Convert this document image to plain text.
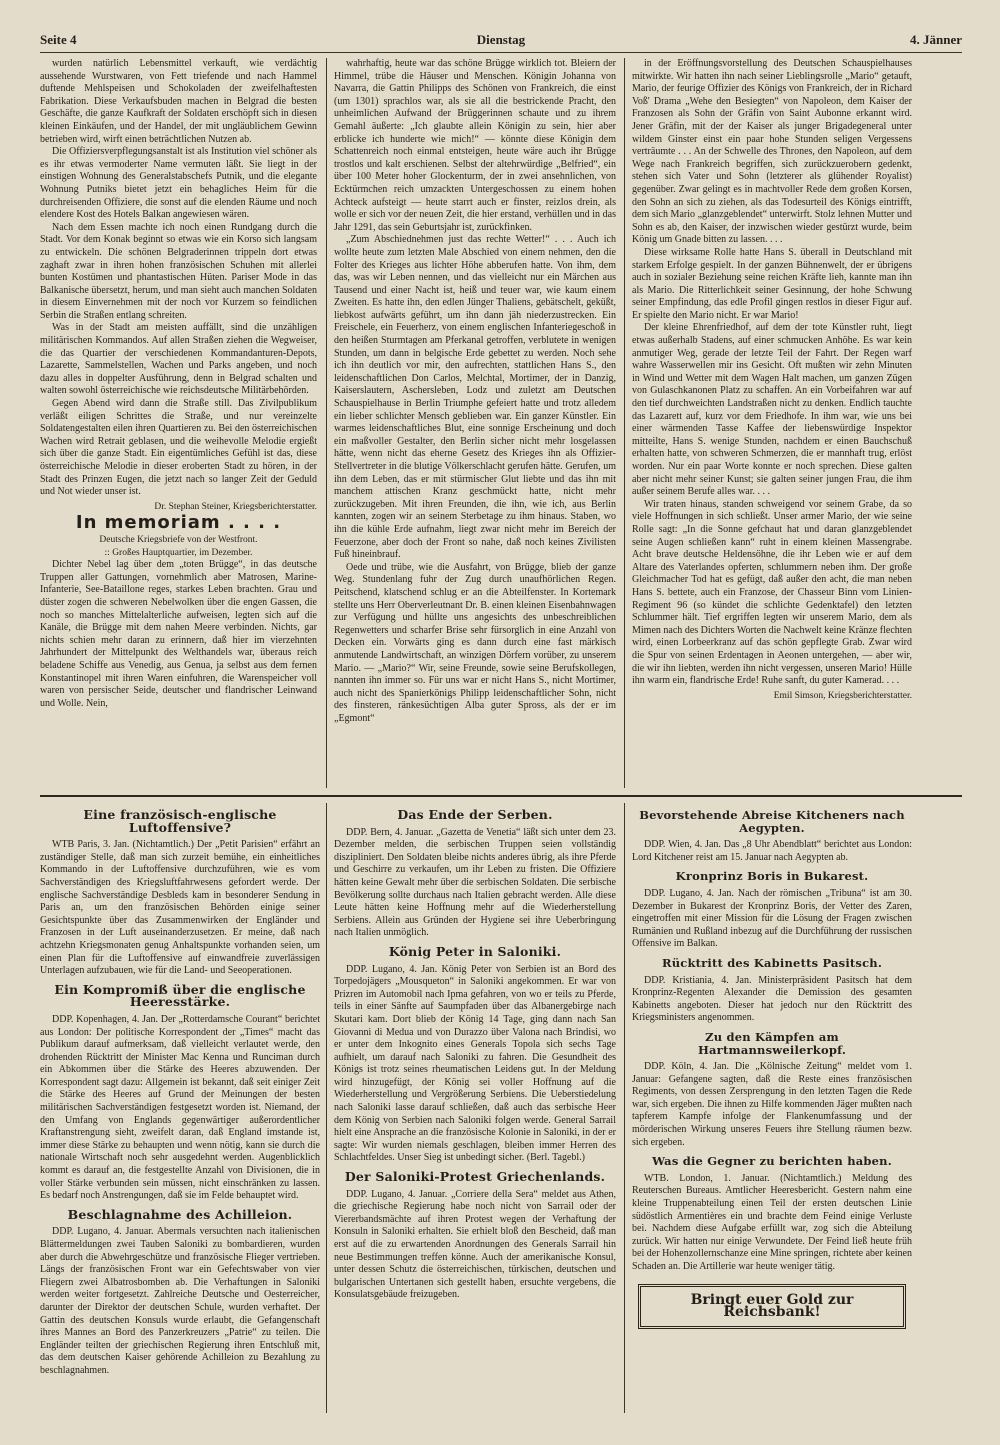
Seite 4	Dienstag	4. Jänner

wurden natürlich Lebensmittel verkauft, wie verdächtig aussehende Wurstwaren, von Fett triefende und nach Hammel duftende Mehlspeisen und Schokoladen der zweifelhaftesten Fabrikation. Diese Verkaufsbuden machen in Belgrad die besten Geschäfte, die ganze Kaufkraft der Soldaten erschöpft sich in diesen kleinen Einkäufen, und der Handel, der mit ungläublichem Gewinn betrieben wird, wirft einen beträchtlichen Nutzen ab.

Die Offiziersverpflegungsanstalt ist als Institution viel schöner als es ihr etwas vermoderter Name vermuten läßt. Sie liegt in der einstigen Wohnung des Generalstabschefs Putnik, und die elegante Wohnung Putniks bietet jetzt ein behagliches Heim für die durchreisenden Offiziere, die sonst auf die elenden Räume und noch elendere Kost des Hotels Balkan angewiesen wären.

Nach dem Essen machte ich noch einen Rundgang durch die Stadt. Vor dem Konak beginnt so etwas wie ein Korso sich langsam zu entwickeln. Die schönen Belgraderinnen trippeln dort etwas zaghaft zwar in ihren hohen französischen Schuhen mit allerlei bunten Kostümen und phantastischen Hüten. Pariser Mode in das Balkanische übersetzt, herum, und man sieht auch manchen Soldaten in diesem Einvernehmen mit der noch vor Kurzem so feindlichen Serbin die Straßen entlang schreiten.

Was in der Stadt am meisten auffällt, sind die unzähligen militärischen Kommandos. Auf allen Straßen ziehen die Wegweiser, die das Quartier der verschiedenen Kommandanturen-Depots, Lazarette, Sammelstellen, Wachen und Parks angeben, und noch dazu alles in doppelter Ausführung, denn in Belgrad schalten und walten sowohl österreichische wie reichsdeutsche Militärbehörden.

Gegen Abend wird dann die Straße still. Das Zivilpublikum verläßt eiligen Schrittes die Straße, und nur vereinzelte Soldatengestalten eilen ihren Quartieren zu. Bei den österreichischen Wachen wird Retrait geblasen, und die weihevolle Melodie ergießt sich über die ganze Stadt. Ein eigentümliches Gefühl ist das, diese österreichische Melodie in dieser eroberten Stadt zu hören, in der Stadt des Prinzen Eugen, die jetzt nach so langer Zeit der Geduld und Not wieder unser ist.

Dr. Stephan Steiner, Kriegsberichterstatter.

In memoriam . . . .

Deutsche Kriegsbriefe von der Westfront.

:: Großes Hauptquartier, im Dezember.

Dichter Nebel lag über dem „toten Brügge“, in das deutsche Truppen aller Gattungen, vornehmlich aber Matrosen, Marine-Infanterie, See-Bataillone reges, starkes Leben brachten. Grau und düster zogen die schweren Nebelwolken über die engen Gassen, die noch so manches Mittelalterliche aufweisen, legten sich auf die Kanäle, die Brügge mit dem nahen Meere verbinden. Nichts, gar nichts schien mehr daran zu erinnern, daß hier im vierzehnten Jahrhundert der Mittelpunkt des Welthandels war, überaus reich beladene Schiffe aus Venedig, aus Genua, ja selbst aus dem fernen Konstantinopel mit ihren Waren einfuhren, die Warenspeicher voll waren von persischer Seide, deutscher und flandrischer Leinwand und Wolle. Nein,

wahrhaftig, heute war das schöne Brügge wirklich tot. Bleiern der Himmel, trübe die Häuser und Menschen. Königin Johanna von Navarra, die Gattin Philipps des Schönen von Frankreich, die einst (um 1301) sprachlos war, als sie all die bestrickende Pracht, den unheimlichen Aufwand der Brüggerinnen schaute und zu ihrem Gemahl äußerte: „Ich glaubte allein Königin zu sein, hier aber erblicke ich hunderte wie mich!“ — könnte diese Königin dem Schattenreich noch einmal entsteigen, heute wäre auch ihr Brügge trostlos und kalt erschienen. Selbst der altehrwürdige „Belfried“, ein über 100 Meter hoher Glockenturm, der in zwei ansehnlichen, von Ecktürmchen reich umzackten Untergeschossen zu einem hohen Achteck aufsteigt — heute starrt auch er finster, reizlos drein, als wolle er sich vor der neuen Zeit, die hier erstand, verhüllen und in das Jahr 1291, das sein Geburtsjahr ist, zurückfinken.

„Zum Abschiednehmen just das rechte Wetter!“ . . . Auch ich wollte heute zum letzten Male Abschied von einem nehmen, den die Folter des Krieges aus lichter Höhe abberufen hatte. Von ihm, dem das, was wir Leben nennen, und das vielleicht nur ein Märchen aus Tausend und einer Nacht ist, heiß und teuer war, wie kaum einem Zweiten. Es hatte ihn, den edlen Jünger Thaliens, gebätschelt, geküßt, liebkost aufwärts geführt, um ihn dann jäh niederzustrecken. Ein Freischele, ein Feuerherz, von einem englischen Infanteriegeschoß in den heißen Sturmtagen am Pferkanal getroffen, verblutete in wenigen Stunden, um dann in belgische Erde gebettet zu werden. Noch sehe ich ihn deutlich vor mir, den aufrechten, stattlichen Hans S., den leidenschaftlichen Don Carlos, Melchtal, Mortimer, der in Danzig, Kaiserslautern, Aschersleben, Lodz und zuletzt am Deutschen Schauspielhause in Berlin Triumphe gefeiert hatte und trotz alledem ein lieber schlichter Mensch geblieben war. Ein ganzer Künstler. Ein warmes leidenschaftliches Blut, eine sonnige Erscheinung und doch ein maßvoller Gestalter, den Berlin sicher nicht mehr losgelassen hätte, wenn nicht das eherne Gesetz des Krieges ihn als Offizier-Stellvertreter in die blutige Völkerschlacht gerufen hätte. Gerufen, um ihn dem Leben, das er mit stürmischer Glut liebte und das ihn mit manchem attischen Kranz geschmückt hatte, nicht mehr zurückzugeben. Mit ihren Freunden, die ihn, wie ich, aus Berlin kannten, zogen wir an seinem Sterbetage zu ihm hinaus. Staben, wo ihn die kühle Erde aufnahm, liegt zwar nicht mehr im Bereich der Feuerzone, aber doch der Front so nahe, daß noch keines Zivilisten Fuß hineinbrauf.

Oede und trübe, wie die Ausfahrt, von Brügge, blieb der ganze Weg. Stundenlang fuhr der Zug durch unaufhörlichen Regen. Peitschend, klatschend schlug er an die Abteilfenster. In Kortemark stellte uns Herr Oberverleutnant Dr. B. einen kleinen Eisenbahnwagen zur Verfügung und hüllte uns angesichts des unbeschreiblichen Regenwetters und scharfer Brise sehr fürsorglich in eine Anzahl von Decken ein. Vorwärts ging es dann durch eine fast märkisch anmutende Landwirtschaft, an winzigen Dörfern vorüber, zu unserem Mario. — „Mario?“ Wir, seine Freunde, sowie seine Berufskollegen, nannten ihn immer so. Für uns war er nicht Hans S., nicht Mortimer, auch nicht des Spanierkönigs Philipp leidenschaftlicher Sohn, nicht des finsteren, ränkesüchtigen Alba guter Spross, als der er im „Egmont“

in der Eröffnungsvorstellung des Deutschen Schauspielhauses mitwirkte. Wir hatten ihn nach seiner Lieblingsrolle „Mario“ getauft, Mario, der feurige Offizier des Königs von Frankreich, der in Richard Voß' Drama „Wehe den Besiegten“ von Napoleon, dem Kaiser der Franzosen als Sohn der Gräfin von Saint Aubonne erkannt wird. Jener Gräfin, mit der der Kaiser als junger Brigadegeneral unter wildem Ginster einst ein paar hohe Stunden seligen Vergessens verträumte . . . An der Schwelle des Thrones, den Napoleon, auf dem Wege nach Frankreich begriffen, sich zurückzuerobern gedenkt, stehen sich Vater und Sohn (letzterer als glühender Royalist) gegenüber. Zwar gelingt es in machtvoller Rede dem großen Korsen, den Sohn an sich zu ziehen, als das Todesurteil des Königs eintrifft, dem sich Mario „glanzgeblendet“ unterwirft. Stolz lehnen Mutter und Sohn es ab, den Kaiser, der inzwischen wieder gestürzt wurde, beim König um Gnade bitten zu lassen. . . .

Diese wirksame Rolle hatte Hans S. überall in Deutschland mit starkem Erfolge gespielt. In der ganzen Bühnenwelt, der er übrigens auch in sozialer Beziehung seine reichen Kräfte lieh, kannte man ihn als Mario. Die Ritterlichkeit seiner Gesinnung, der hohe Schwung seiner Empfindung, das edle Profil gingen restlos in dieser Figur auf. Er spielte den Mario nicht. Er war Mario!

Der kleine Ehrenfriedhof, auf dem der tote Künstler ruht, liegt etwas außerhalb Stadens, auf einer schmucken Anhöhe. Es war kein anmutiger Weg, gerade der letzte Teil der Fahrt. Der Regen warf wahre Wasserwellen mir ins Gesicht. Oft mußten wir zehn Minuten in Wind und Wetter mit dem Wagen Halt machen, um ganzen Zügen von Gulaschkanonen Platz zu schaffen. An ein Vorbeifahren war auf den tief durchweichten Landstraßen nicht zu denken. Endlich tauchte das Lazarett auf, kurz vor dem Friedhofe. In ihm war, wie uns bei einer wärmenden Tasse Kaffee der liebenswürdige Inspektor mitteilte, Hans S. wenige Stunden, nachdem er einen Bauchschuß erhalten hatte, von schweren Schmerzen, die er mannhaft trug, erlöst worden. Nur ein paar Worte konnte er noch sprechen. Diese galten aber nicht mehr seiner Kunst; sie galten seiner jungen Frau, die ihm außer seinem Berufe alles war. . . .

Wir traten hinaus, standen schweigend vor seinem Grabe, da so viele Hoffnungen in sich schließt. Unser armer Mario, der wie seine Rolle sagt: „In die Sonne gefchaut hat und daran glanzgeblendet seine Augen schließen kann“ ruht in einem kleinen Massengrabe. Acht brave deutsche Heldensöhne, die ihr Leben wie er auf dem Altare des Vaterlandes opferten, schlummern neben ihm. Der große Gleichmacher Tod hat es gefügt, daß außer den acht, die man neben Hans S. bettete, auch ein Franzose, der Chasseur Binn vom Linien-Regiment 96 (so kündet die schlichte Gedenktafel) den letzten Schlummer hält. Tief ergriffen legten wir unserem Mario, dem als Mimen nach des Dichters Worten die Nachwelt keine Kränze flechten wird, einen Lorbeerkranz auf das schön gepflegte Grab. Zwar wird die Spur von seinen Erdentagen in Aeonen untergehen, — aber wir, die wir ihn liebten, werden ihn nicht vergessen, unseren Mario! Hülle ihn warm ein, flandrische Erde! Ruhe sanft, du guter Kamerad. . . .

Emil Simson, Kriegsberichterstatter.

Eine französisch-englische Luftoffensive?

WTB Paris, 3. Jan. (Nichtamtlich.) Der „Petit Parisien“ erfährt an zuständiger Stelle, daß man sich zurzeit bemühe, ein einheitliches Kommando in der Luftoffensive durchzuführen, wie es vom Sachverständigen des Kriegsluftfahrwesens gefordert werde. Der englische Sachverständige Desbleds kam in besonderer Sendung in Paris an, um den französischen Behörden einige seiner Gesichtspunkte über das Zusammenwirken der Engländer und Franzosen in der Luft auseinanderzusetzen. Er meine, daß nach achtzehn Kriegsmonaten genug Anhaltspunkte vorhanden seien, um einen Plan für die Luftoffensive auf einwandfreie zuverlässigen Unterlagen aufzubauen, wie für die Land- und Seeoperationen.

Ein Kompromiß über die englische Heeresstärke.

DDP. Kopenhagen, 4. Jan. Der „Rotterdamsche Courant“ berichtet aus London: Der politische Korrespondent der „Times“ macht das Publikum darauf aufmerksam, daß vielleicht verlautet werde, den drohenden Rücktritt der Minister Mac Kenna und Runciman durch ein Abkommen über die Stärke des Heeres abzuwenden. Der Korrespondent sagt dazu: Allgemein ist bekannt, daß seit einiger Zeit die Stärke des Heeres auf Grund der Meinungen der besten militärischen Sachverständigen festgesetzt worden ist. Niemand, der den Umfang von Englands gegenwärtiger außerordentlicher Kraftanstrengung sieht, zweifelt daran, daß England imstande ist, immer diese Stärke zu behaupten und wenn nötig, kann sie durch die nationale Wirtschaft noch sehr ausgedehnt werden. Augenblicklich kommt es darauf an, die festgestellte Anzahl von Divisionen, die in voller Stärke verbunden sein müssen, nicht einschränken zu lassen. Es bedarf noch Anstrengungen, daß sie im Felde behauptet wird.

Beschlagnahme des Achilleion.

DDP. Lugano, 4. Januar. Abermals versuchten nach italienischen Blättermeldungen zwei Tauben Saloniki zu bombardieren, wurden aber durch die Abwehrgeschütze und französische Flieger vertrieben. Längs der französischen Front war ein Gefechtswaber von vier Fliegern zwei Albatrosbomben ab. Die Verhaftungen in Saloniki werden weiter fortgesetzt. Zahlreiche Deutsche und Oesterreicher, darunter der Direktor der deutschen Schule, wurden verhaftet. Der Gattin des deutschen Konsuls wurde erlaubt, die Gefangenschaft ihres Mannes an Bord des Panzerkreuzers „Patrie“ zu teilen. Die Engländer teilten der griechischen Regierung ihren Entschluß mit, das dem deutschen Kaiser gehörende Achilleion zu Bezahlung zu beschlagnahmen.

Das Ende der Serben.

DDP. Bern, 4. Januar. „Gazetta de Venetia“ läßt sich unter dem 23. Dezember melden, die serbischen Truppen seien vollständig diszipliniert. Den Soldaten bleibe nichts anderes übrig, als ihre Pferde und Geschirre zu verkaufen, um ihr Leben zu fristen. Die Offiziere hätten keine Gewalt mehr über die serbischen Soldaten. Die serbische Bevölkerung sollte durchaus nach Italien gebracht werden. Alle diese Leute hätten keine Hoffnung mehr auf die Wiederherstellung Serbiens. Allein aus Gründen der Hygiene sei ihre Ueberbringung nach Italien unmöglich.

König Peter in Saloniki.

DDP. Lugano, 4. Jan. König Peter von Serbien ist an Bord des Torpedojägers „Mousqueton“ in Saloniki angekommen. Er war von Prizren im Automobil nach Ipma gefahren, von wo er teils zu Pferde, teils in einer Sänfte auf Saumpfaden über das Albanergebirge nach Skutari kam. Dort blieb der König 14 Tage, ging dann nach San Giovanni di Medua und von Durazzo über Valona nach Brindisi, wo er unter dem Inkognito eines Generals Topola sich sechs Tage aufhielt, um darauf nach Saloniki zu fahren. Die Gesundheit des Königs ist trotz seines rheumatischen Leidens gut. In der Meldung wird hinzugefügt, der König sei voller Hoffnung auf die Wiederherstellung und Vergrößerung Serbiens. Die Ueberstiedelung nach Saloniki lasse darauf schließen, daß auch das serbische Heer dem König von Serbien nach Saloniki folgen werde. General Sarrail hielt eine Ansprache an die französische Kolonie in Saloniki, in der er sagte: Wir wurden niemals geschlagen, bleiben immer Herren des Schlachtfeldes. Unser Sieg ist unbedingt sicher. (Berl. Tagebl.)

Der Saloniki-Protest Griechenlands.

DDP. Lugano, 4. Januar. „Corriere della Sera“ meldet aus Athen, die griechische Regierung habe noch nicht von Sarrail oder der Viererbandsmächte auf ihren Protest wegen der Verhaftung der Konsuln in Saloniki erhalten. Sie erhielt bloß den Bescheid, daß man erst auf die zu erwartenden Anordnungen des Generals Sarrail hin neue Bestimmungen treffen könne. Auch der amerikanische Konsul, unter dessen Schutz die österreichischen, türkischen, deutschen und bulgarischen Untertanen sich gestellt haben, ersuchte vergebens, die Konsulatsgebäude freizugeben.

Bevorstehende Abreise Kitcheners nach Aegypten.

DDP. Wien, 4. Jan. Das „8 Uhr Abendblatt“ berichtet aus London: Lord Kitchener reist am 15. Januar nach Aegypten ab.

Kronprinz Boris in Bukarest.

DDP. Lugano, 4. Jan. Nach der römischen „Tribuna“ ist am 30. Dezember in Bukarest der Kronprinz Boris, der Vetter des Zaren, eingetroffen mit einer Mission für die Lösung der Fragen zwischen Rumänien und Rußland inbezug auf die Durchführung der russischen Offensive im Balkan.

Rücktritt des Kabinetts Pasitsch.

DDP. Kristiania, 4. Jan. Ministerpräsident Pasitsch hat dem Kronprinz-Regenten Alexander die Demission des gesamten Kabinetts angeboten. Dieser hat jedoch nur den Rücktritt des Kriegsministers angenommen.

Zu den Kämpfen am Hartmannsweilerkopf.

DDP. Köln, 4. Jan. Die „Kölnische Zeitung“ meldet vom 1. Januar: Gefangene sagten, daß die Reste eines französischen Regiments, von dessen Zersprengung in den letzten Tagen die Rede war, sich ergeben. Die ihnen zu Hilfe kommenden Jäger mußten nach tapferem Kampfe infolge der Flankenumfassung und der mörderischen Wirkung unseres Feuers ihre Stellung räumen bezw. sich ergeben.

Was die Gegner zu berichten haben.

WTB. London, 1. Januar. (Nichtamtlich.) Meldung des Reuterschen Bureaus. Amtlicher Heeresbericht. Gestern nahm eine kleine Truppenabteilung einen Teil der ersten deutschen Linie südöstlich Armentières ein und brachte dem Feind einige Verluste bei. Nachdem diese Aufgabe erfüllt war, zog sich die Abteilung zurück. Wir hatten nur einige Verwundete. Der Feind ließ heute früh bei der Hohenzollernschanze eine Mine springen, richtete aber keinen Schaden an. Die Artillerie war heute weniger tätig.

Bringt euer Gold zur Reichsbank!
